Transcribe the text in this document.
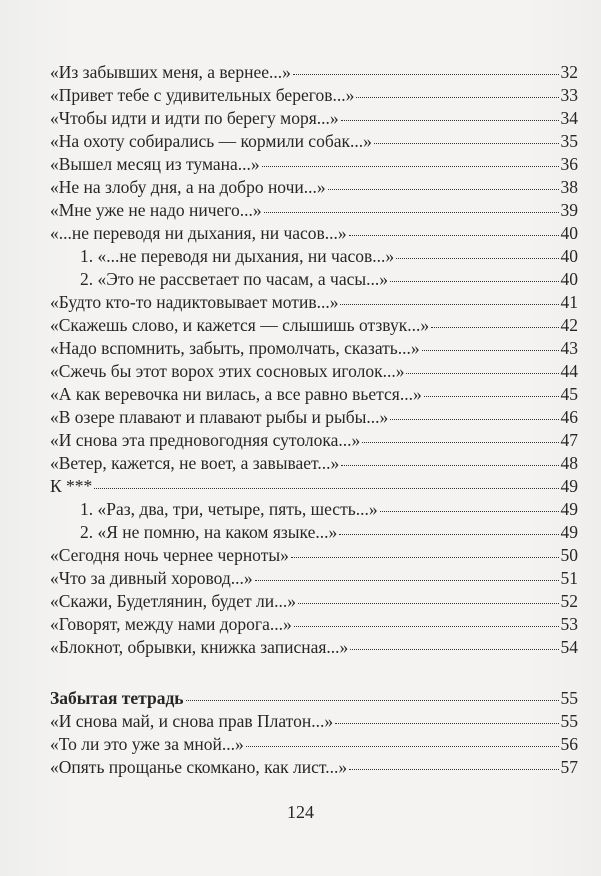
«Из забывших меня, а вернее...»	32
«Привет тебе с удивительных берегов...»	33
«Чтобы идти и идти по берегу моря...»	34
«На охоту собирались — кормили собак...»	35
«Вышел месяц из тумана...»	36
«Не на злобу дня, а на добро ночи...»	38
«Мне уже не надо ничего...»	39
«...не переводя ни дыхания, ни часов...»	40
1. «...не переводя ни дыхания, ни часов...»	40
2. «Это не рассветает по часам, а часы...»	40
«Будто кто-то надиктовывает мотив...»	41
«Скажешь слово, и кажется — слышишь отзвук...»	42
«Надо вспомнить, забыть, промолчать, сказать...»	43
«Сжечь бы этот ворох этих сосновых иголок...»	44
«А как веревочка ни вилась, а все равно вьется...»	45
«В озере плавают и плавают рыбы и рыбы...»	46
«И снова эта предновогодняя сутолока...»	47
«Ветер, кажется, не воет, а завывает...»	48
К ***	49
1. «Раз, два, три, четыре, пять, шесть...»	49
2. «Я не помню, на каком языке...»	49
«Сегодня ночь чернее черноты»	50
«Что за дивный хоровод...»	51
«Скажи, Будетлянин, будет ли...»	52
«Говорят, между нами дорога...»	53
«Блокнот, обрывки, книжка записная...»	54
Забытая тетрадь	55
«И снова май, и снова прав Платон...»	55
«То ли это уже за мной...»	56
«Опять прощанье скомкано, как лист...»	57
124
